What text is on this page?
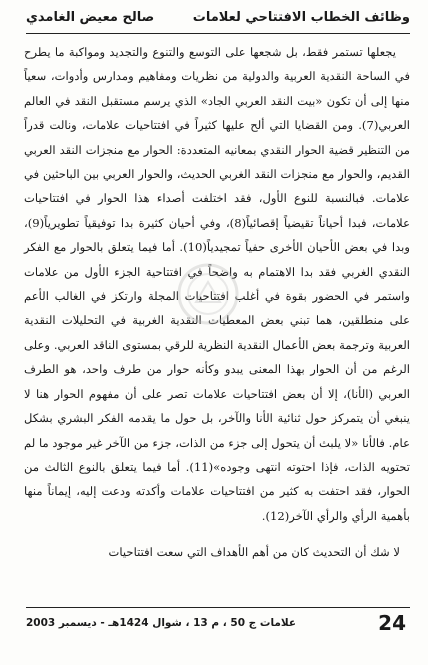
وظائف الخطاب الافتتاحي لعلامات
صالح معيض الغامدي

يجعلها تستمر فقط، بل شجعها على التوسع والتنوع والتجديد ومواكبة ما يطرح في الساحة النقدية العربية والدولية من نظريات ومفاهيم ومدارس وأدوات، سعياً منها إلى أن تكون «بيت النقد العربي الجاد» الذي يرسم مستقبل النقد في العالم العربي(7). ومن القضايا التي ألح عليها كثيراً في افتتاحيات علامات، ونالت قدراً من التنظير قضية الحوار النقدي بمعانيه المتعددة: الحوار مع منجزات النقد العربي القديم، والحوار مع منجزات النقد الغربي الحديث، والحوار العربي بين الباحثين في علامات. فبالنسبة للنوع الأول، فقد اختلفت أصداء هذا الحوار في افتتاحيات علامات، فبدا أحياناً تقيضياً إقصائياً(8)، وفي أحيان كثيرة بدا توفيقياً تطويرياً(9)، وبدا في بعض الأحيان الأخرى حفياً تمجيدياً(10). أما فيما يتعلق بالحوار مع الفكر النقدي الغربي فقد بدا الاهتمام به واضحاً في افتتاحية الجزء الأول من علامات واستمر في الحضور بقوة في أغلب افتتاحيات المجلة وارتكز في الغالب الأعم على منطلقين، هما تبني بعض المعطيات النقدية الغربية في التحليلات النقدية العربية وترجمة بعض الأعمال النقدية النظرية للرقي بمستوى الناقد العربي. وعلى الرغم من أن الحوار بهذا المعنى يبدو وكأنه حوار من طرف واحد، هو الطرف العربي (الأنا)، إلا أن بعض افتتاحيات علامات تصر على أن مفهوم الحوار هنا لا ينبغي أن يتمركز حول ثنائية الأنا والآخر، بل حول ما يقدمه الفكر البشري بشكل عام. فالأنا «لا يلبث أن يتحول إلى جزء من الذات، جزء من الآخر غير موجود ما لم تحتويه الذات، فإذا احتوته انتهى وجوده»(11). أما فيما يتعلق بالنوع الثالث من الحوار، فقد احتفت به كثير من افتتاحيات علامات وأكدته ودعت إليه، إيماناً منها بأهمية الرأي والرأي الآخر(12).

لا شك أن التحديث كان من أهم الأهداف التي سعت افتتاحيات

علامات ج 50 ، م 13 ، شوال 1424هـ - ديسمبر 2003	24
